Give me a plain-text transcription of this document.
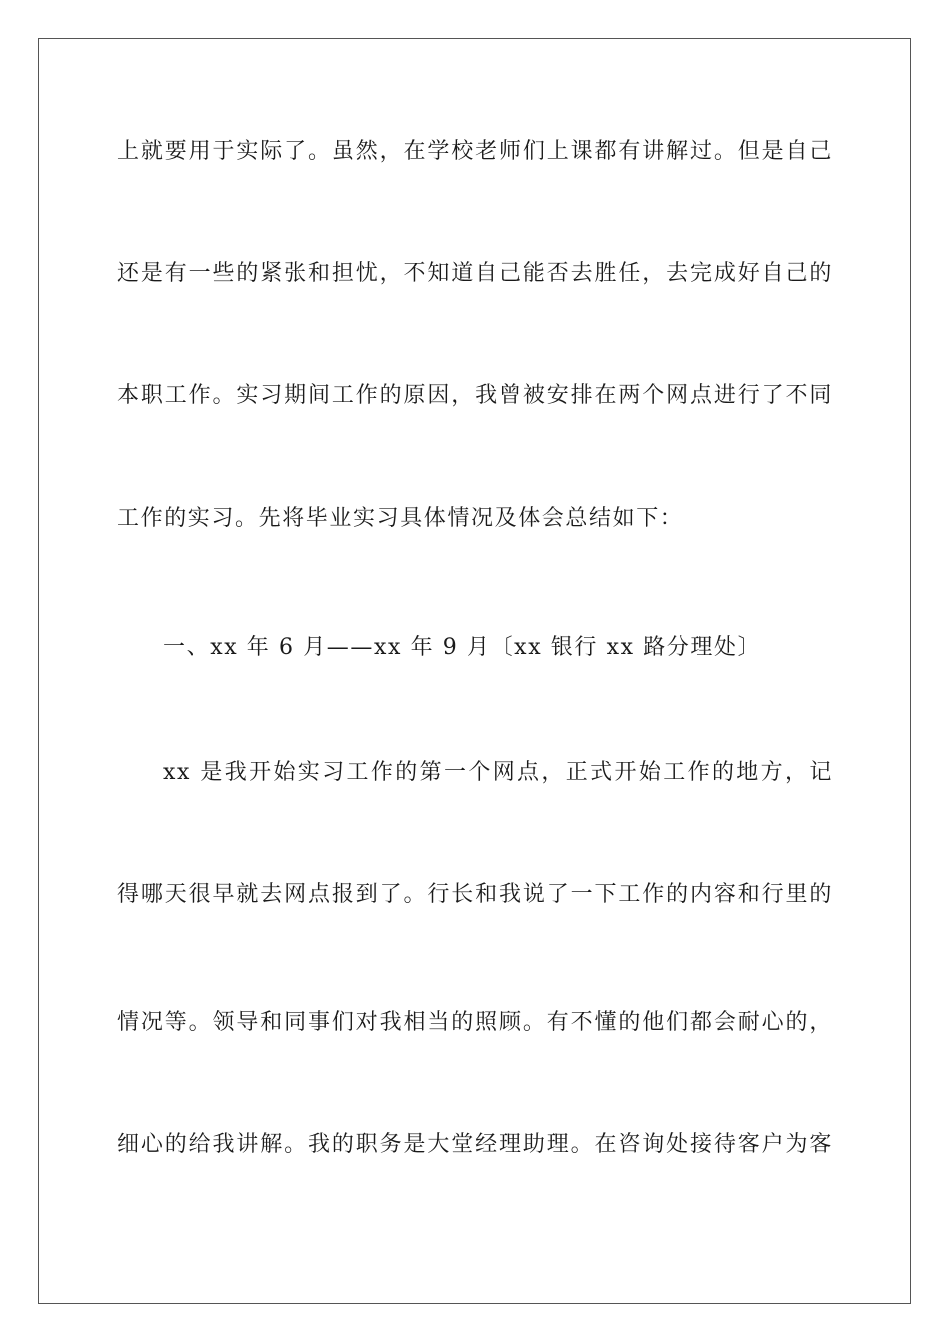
上就要用于实际了。虽然，在学校老师们上课都有讲解过。但是自己
还是有一些的紧张和担忧，不知道自己能否去胜任，去完成好自己的
本职工作。实习期间工作的原因，我曾被安排在两个网点进行了不同
工作的实习。先将毕业实习具体情况及体会总结如下：
一、xx 年 6 月——xx 年 9 月〔xx 银行 xx 路分理处〕
xx 是我开始实习工作的第一个网点，正式开始工作的地方，记
得哪天很早就去网点报到了。行长和我说了一下工作的内容和行里的
情况等。领导和同事们对我相当的照顾。有不懂的他们都会耐心的，
细心的给我讲解。我的职务是大堂经理助理。在咨询处接待客户为客
